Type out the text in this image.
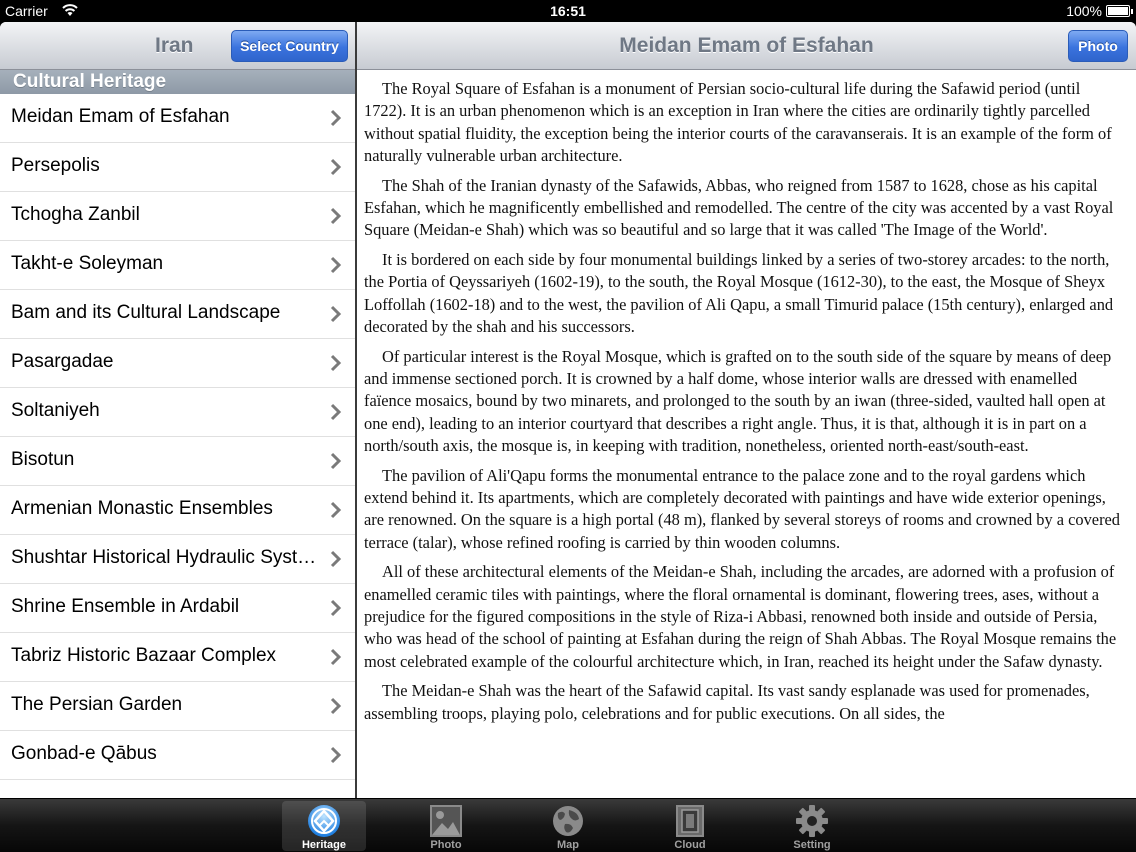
Carrier	16:51	100%
Iran	Select Country
Cultural Heritage
Meidan Emam of Esfahan
Persepolis
Tchogha Zanbil
Takht-e Soleyman
Bam and its Cultural Landscape
Pasargadae
Soltaniyeh
Bisotun
Armenian Monastic Ensembles
Shushtar Historical Hydraulic Syst…
Shrine Ensemble in Ardabil
Tabriz Historic Bazaar Complex
The Persian Garden
Gonbad-e Qābus
Meidan Emam of Esfahan	Photo

The Royal Square of Esfahan is a monument of Persian socio-cultural life during the Safawid period (until 1722). It is an urban phenomenon which is an exception in Iran where the cities are ordinarily tightly parcelled without spatial fluidity, the exception being the interior courts of the caravanserais. It is an example of the form of naturally vulnerable urban architecture.

The Shah of the Iranian dynasty of the Safawids, Abbas, who reigned from 1587 to 1628, chose as his capital Esfahan, which he magnificently embellished and remodelled. The centre of the city was accented by a vast Royal Square (Meidan-e Shah) which was so beautiful and so large that it was called 'The Image of the World'.

It is bordered on each side by four monumental buildings linked by a series of two-storey arcades: to the north, the Portia of Qeyssariyeh (1602-19), to the south, the Royal Mosque (1612-30), to the east, the Mosque of Sheyx Loffollah (1602-18) and to the west, the pavilion of Ali Qapu, a small Timurid palace (15th century), enlarged and decorated by the shah and his successors.

Of particular interest is the Royal Mosque, which is grafted on to the south side of the square by means of deep and immense sectioned porch. It is crowned by a half dome, whose interior walls are dressed with enamelled faïence mosaics, bound by two minarets, and prolonged to the south by an iwan (three-sided, vaulted hall open at one end), leading to an interior courtyard that describes a right angle. Thus, it is that, although it is in part on a north/south axis, the mosque is, in keeping with tradition, nonetheless, oriented north-east/south-east.

The pavilion of Ali'Qapu forms the monumental entrance to the palace zone and to the royal gardens which extend behind it. Its apartments, which are completely decorated with paintings and have wide exterior openings, are renowned. On the square is a high portal (48 m), flanked by several storeys of rooms and crowned by a covered terrace (talar), whose refined roofing is carried by thin wooden columns.

All of these architectural elements of the Meidan-e Shah, including the arcades, are adorned with a profusion of enamelled ceramic tiles with paintings, where the floral ornamental is dominant, flowering trees, ases, without a prejudice for the figured compositions in the style of Riza-i Abbasi, renowned both inside and outside of Persia, who was head of the school of painting at Esfahan during the reign of Shah Abbas. The Royal Mosque remains the most celebrated example of the colourful architecture which, in Iran, reached its height under the Safaw dynasty.

The Meidan-e Shah was the heart of the Safawid capital. Its vast sandy esplanade was used for promenades, assembling troops, playing polo, celebrations and for public executions. On all sides, the

Heritage	Photo	Map	Cloud	Setting
